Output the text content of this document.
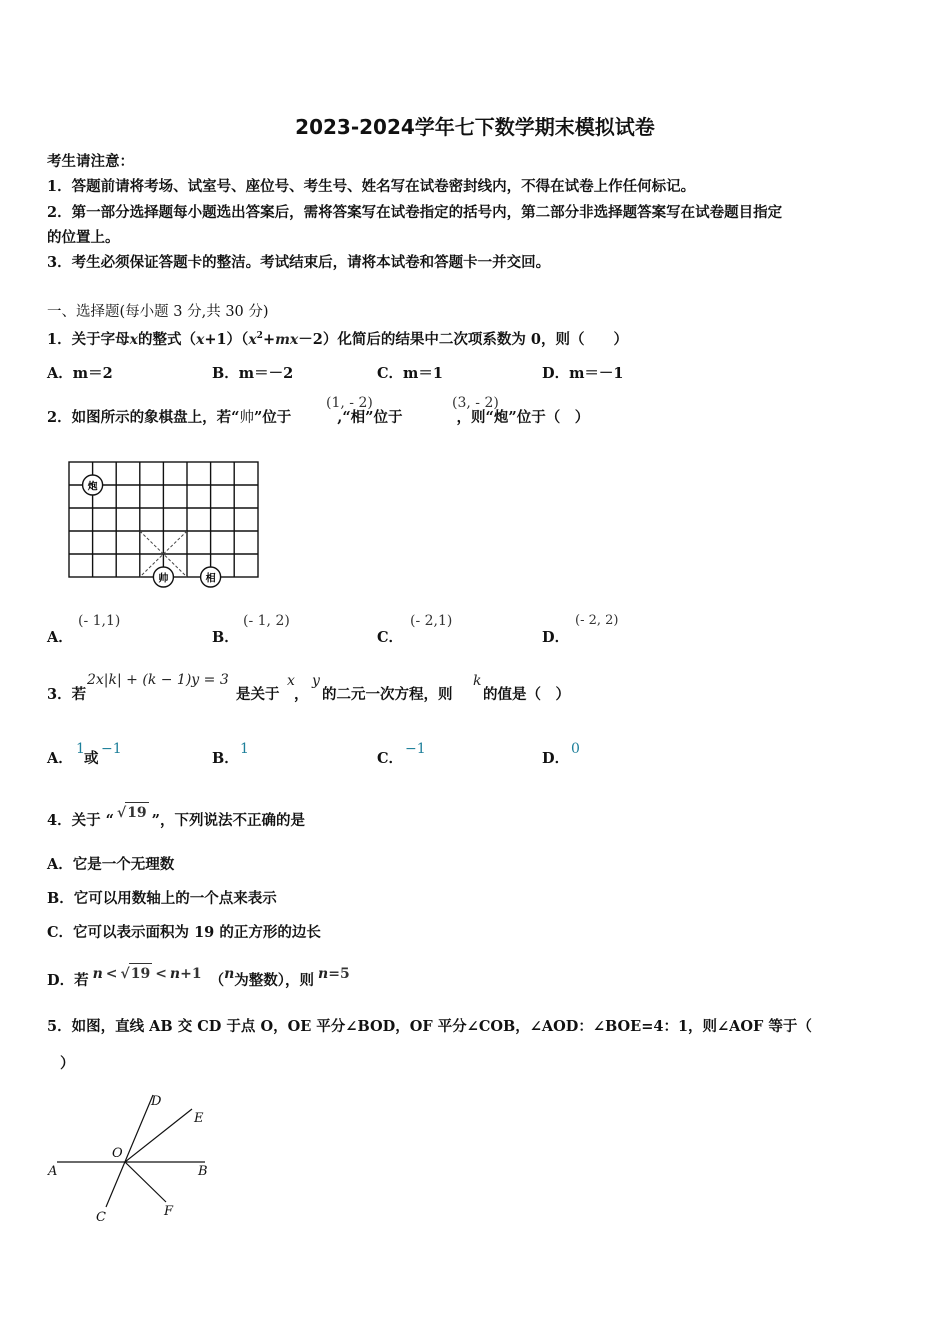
2023-2024学年七下数学期末模拟试卷
考生请注意：
1．答题前请将考场、试室号、座位号、考生号、姓名写在试卷密封线内，不得在试卷上作任何标记。
2．第一部分选择题每小题选出答案后，需将答案写在试卷指定的括号内，第二部分非选择题答案写在试卷题目指定
的位置上。
3．考生必须保证答题卡的整洁。考试结束后，请将本试卷和答题卡一并交回。
一、选择题(每小题 3 分,共 30 分)
1．关于字母x的整式$(x+1)(x^2+mx-2)$化简后的结果中二次项系数为 0，则（　　）
A．m＝2	B．m＝－2	C．m＝1	D．m＝－1
2．如图所示的象棋盘上，若“帅”位于	,“相”位于	，则“炮”位于（　）
(1, - 2)	(3, - 2)
炮
帅	相
A．
(- 1,1)
B．
(- 1, 2)
C．
(- 2,1)
D．
(- 2, 2)
3．若
2x|k| + (k − 1)y = 3
是关于
x
，
y
的二元一次方程，则
k
的值是（　）
A．
1
或
−1
B．
1
C．
−1
D．
0
4．关于 “ √19 ”，下列说法不正确的是
A．它是一个无理数
B．它可以用数轴上的一个点来表示
C．它可以表示面积为 19 的正方形的边长
D．若 n < √19 < n+1 （n为整数），则 n=5
5．如图，直线 AB 交 CD 于点 O，OE 平分∠BOD，OF 平分∠COB，∠AOD：∠BOE=4：1，则∠AOF 等于（
）
A	B
C
D
E
F
O
